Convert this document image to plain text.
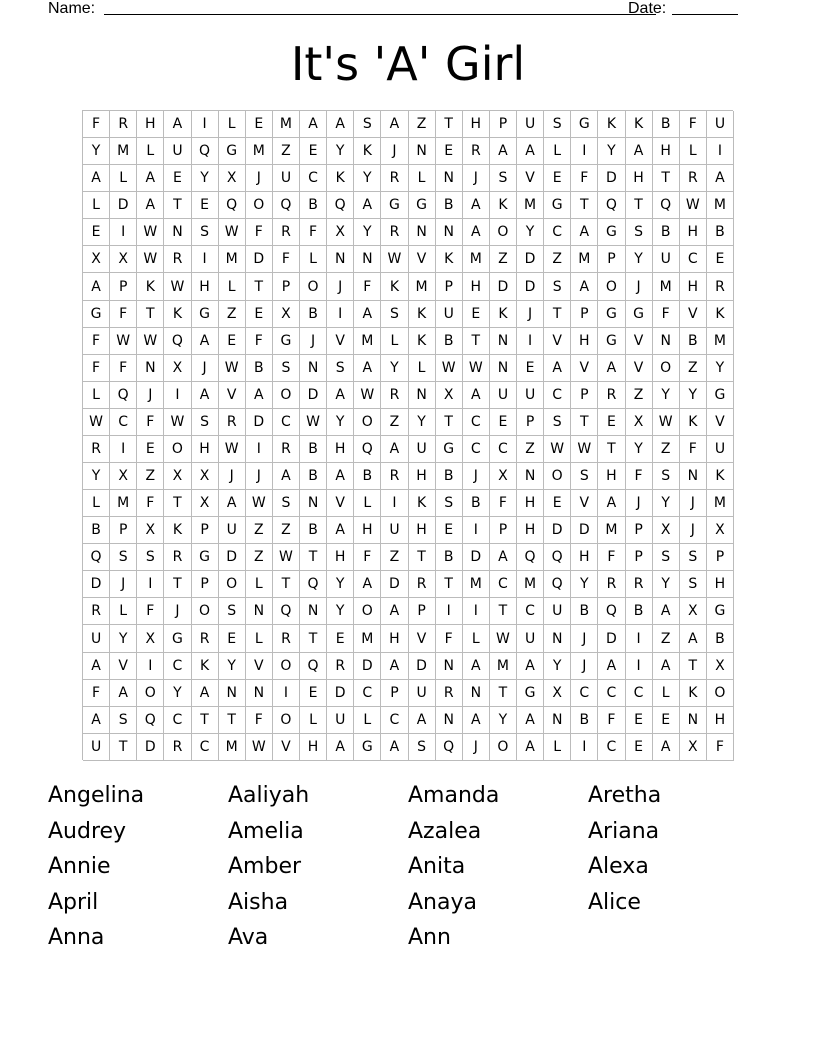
Name:	Date:
It's 'A' Girl
F	R	H	A	I	L	E	M	A	A	S	A	Z	T	H	P	U	S	G	K	K	B	F	U
Y	M	L	U	Q	G	M	Z	E	Y	K	J	N	E	R	A	A	L	I	Y	A	H	L	I
A	L	A	E	Y	X	J	U	C	K	Y	R	L	N	J	S	V	E	F	D	H	T	R	A
L	D	A	T	E	Q	O	Q	B	Q	A	G	G	B	A	K	M	G	T	Q	T	Q	W	M
E	I	W	N	S	W	F	R	F	X	Y	R	N	N	A	O	Y	C	A	G	S	B	H	B
X	X	W	R	I	M	D	F	L	N	N	W	V	K	M	Z	D	Z	M	P	Y	U	C	E
A	P	K	W	H	L	T	P	O	J	F	K	M	P	H	D	D	S	A	O	J	M	H	R
G	F	T	K	G	Z	E	X	B	I	A	S	K	U	E	K	J	T	P	G	G	F	V	K
F	W W	Q	A	E	F	G	J	V	M	L	K	B	T	N	I	V	H	G	V	N	B	M
F	F	N	X	J	W	B	S	N	S	A	Y	L	W W	N	E	A	V	A	V	O	Z	Y
L	Q	J	I	A	V	A	O	D	A	W	R	N	X	A	U	U	C	P	R	Z	Y	Y	G
W	C	F	W	S	R	D	C	W	Y	O	Z	Y	T	C	E	P	S	T	E	X	W	K	V
R	I	E	O	H	W	I	R	B	H	Q	A	U	G	C	C	Z	W W	T	Y	Z	F	U
Y	X	Z	X	X	J	J	A	B	A	B	R	H	B	J	X	N	O	S	H	F	S	N	K
L	M	F	T	X	A	W	S	N	V	L	I	K	S	B	F	H	E	V	A	J	Y	J	M
B	P	X	K	P	U	Z	Z	B	A	H	U	H	E	I	P	H	D	D	M	P	X	J	X
Q	S	S	R	G	D	Z	W	T	H	F	Z	T	B	D	A	Q	Q	H	F	P	S	S	P
D	J	I	T	P	O	L	T	Q	Y	A	D	R	T	M	C	M	Q	Y	R	R	Y	S	H
R	L	F	J	O	S	N	Q	N	Y	O	A	P	I	I	T	C	U	B	Q	B	A	X	G
U	Y	X	G	R	E	L	R	T	E	M	H	V	F	L	W	U	N	J	D	I	Z	A	B
A	V	I	C	K	Y	V	O	Q	R	D	A	D	N	A	M	A	Y	J	A	I	A	T	X
F	A	O	Y	A	N	N	I	E	D	C	P	U	R	N	T	G	X	C	C	C	L	K	O
A	S	Q	C	T	T	F	O	L	U	L	C	A	N	A	Y	A	N	B	F	E	E	N	H
U	T	D	R	C	M	W	V	H	A	G	A	S	Q	J	O	A	L	I	C	E	A	X	F
Angelina	Aaliyah	Amanda	Aretha
Audrey	Amelia	Azalea	Ariana
Annie	Amber	Anita	Alexa
April	Aisha	Anaya	Alice
Anna	Ava	Ann
